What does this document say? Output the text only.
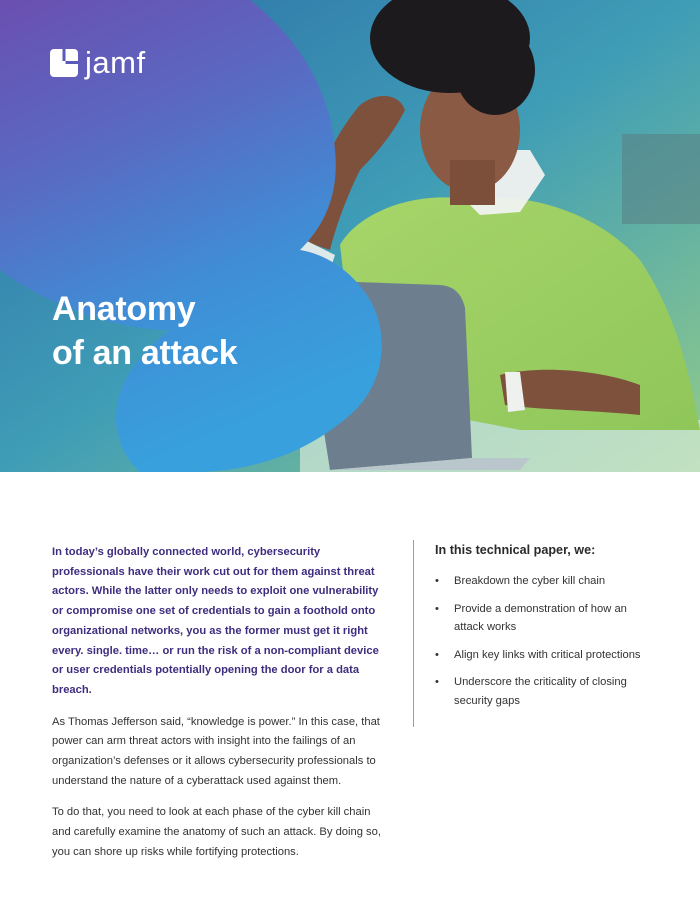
jamf
Anatomy
of an attack

In today’s globally connected world, cybersecurity professionals have their work cut out for them against threat actors. While the latter only needs to exploit one vulnerability or compromise one set of credentials to gain a foothold onto organizational networks, you as the former must get it right every. single. time… or run the risk of a non-compliant device or user credentials potentially opening the door for a data breach.

As Thomas Jefferson said, “knowledge is power.” In this case, that power can arm threat actors with insight into the failings of an organization’s defenses or it allows cybersecurity professionals to understand the nature of a cyberattack used against them.

To do that, you need to look at each phase of the cyber kill chain and carefully examine the anatomy of such an attack. By doing so, you can shore up risks while fortifying protections.

In this technical paper, we:
• Breakdown the cyber kill chain
• Provide a demonstration of how an attack works
• Align key links with critical protections
• Underscore the criticality of closing security gaps
